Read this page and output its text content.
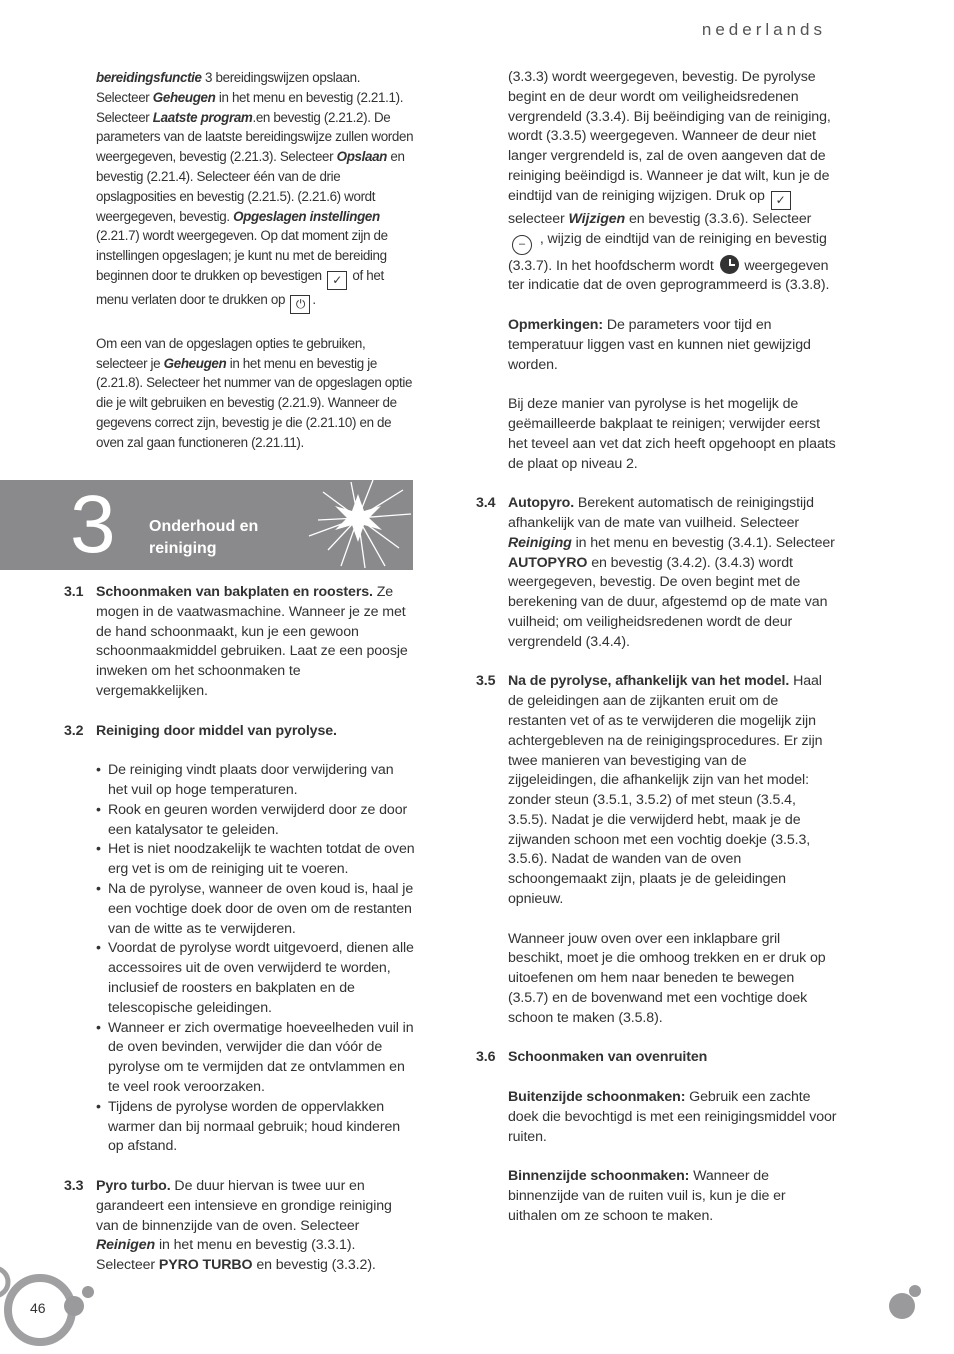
nederlands

bereidingsfunctie 3 bereidingswijzen opslaan. Selecteer Geheugen in het menu en bevestig (2.21.1). Selecteer Laatste program.en bevestig (2.21.2). De parameters van de laatste bereidingswijze zullen worden weergegeven, bevestig (2.21.3). Selecteer Opslaan en bevestig (2.21.4). Selecteer één van de drie opslagposities en bevestig (2.21.5). (2.21.6) wordt weergegeven, bevestig. Opgeslagen instellingen (2.21.7) wordt weergegeven. Op dat moment zijn de instellingen opgeslagen; je kunt nu met de bereiding beginnen door te drukken op bevestigen ✓ of het menu verlaten door te drukken op ⏻ .

Om een van de opgeslagen opties te gebruiken, selecteer je Geheugen in het menu en bevestig je (2.21.8). Selecteer het nummer van de opgeslagen optie die je wilt gebruiken en bevestig (2.21.9). Wanneer de gegevens correct zijn, bevestig je die (2.21.10) en de oven zal gaan functioneren (2.21.11).

3 Onderhoud en reiniging
3.1 Schoonmaken van bakplaten en roosters. Ze mogen in de vaatwasmachine. Wanneer je ze met de hand schoonmaakt, kun je een gewoon schoonmaakmiddel gebruiken. Laat ze een poosje inweken om het schoonmaken te vergemakkelijken.

3.2 Reiniging door middel van pyrolyse.

• De reiniging vindt plaats door verwijdering van het vuil op hoge temperaturen.
• Rook en geuren worden verwijderd door ze door een katalysator te geleiden.
• Het is niet noodzakelijk te wachten totdat de oven erg vet is om de reiniging uit te voeren.
• Na de pyrolyse, wanneer de oven koud is, haal je een vochtige doek door de oven om de restanten van de witte as te verwijderen.
• Voordat de pyrolyse wordt uitgevoerd, dienen alle accessoires uit de oven verwijderd te worden, inclusief de roosters en bakplaten en de telescopische geleidingen.
• Wanneer er zich overmatige hoeveelheden vuil in de oven bevinden, verwijder die dan vóór de pyrolyse om te vermijden dat ze ontvlammen en te veel rook veroorzaken.
• Tijdens de pyrolyse worden de oppervlakken warmer dan bij normaal gebruik; houd kinderen op afstand.
3.3 Pyro turbo. De duur hiervan is twee uur en garandeert een intensieve en grondige reiniging van de binnenzijde van de oven. Selecteer Reinigen in het menu en bevestig (3.3.1). Selecteer PYRO TURBO en bevestig (3.3.2).

(3.3.3) wordt weergegeven, bevestig. De pyrolyse begint en de deur wordt om veiligheidsredenen vergrendeld (3.3.4). Bij beëindiging van de reiniging, wordt (3.3.5) weergegeven. Wanneer de deur niet langer vergrendeld is, zal de oven aangeven dat de reiniging beëindigd is. Wanneer je dat wilt, kun je de eindtijd van de reiniging wijzigen. Druk op ✓ selecteer Wijzigen en bevestig (3.3.6). Selecteer – , wijzig de eindtijd van de reiniging en bevestig (3.3.7). In het hoofdscherm wordt  weergegeven ter indicatie dat de oven geprogrammeerd is (3.3.8).

Opmerkingen: De parameters voor tijd en temperatuur liggen vast en kunnen niet gewijzigd worden.

Bij deze manier van pyrolyse is het mogelijk de geëmailleerde bakplaat te reinigen; verwijder eerst het teveel aan vet dat zich heeft opgehoopt en plaats de plaat op niveau 2.

3.4 Autopyro. Berekent automatisch de reinigingstijd afhankelijk van de mate van vuilheid. Selecteer Reiniging in het menu en bevestig (3.4.1). Selecteer AUTOPYRO en bevestig (3.4.2). (3.4.3) wordt weergegeven, bevestig. De oven begint met de berekening van de duur, afgestemd op de mate van vuilheid; om veiligheidsredenen wordt de deur vergrendeld (3.4.4).

3.5 Na de pyrolyse, afhankelijk van het model. Haal de geleidingen aan de zijkanten eruit om de restanten vet of as te verwijderen die mogelijk zijn achtergebleven na de reinigingsprocedures. Er zijn twee manieren van bevestiging van de zijgeleidingen, die afhankelijk zijn van het model: zonder steun (3.5.1, 3.5.2) of met steun (3.5.4, 3.5.5). Nadat je die verwijderd hebt, maak je de zijwanden schoon met een vochtig doekje (3.5.3, 3.5.6). Nadat de wanden van de oven schoongemaakt zijn, plaats je de geleidingen opnieuw.

Wanneer jouw oven over een inklapbare gril beschikt, moet je die omhoog trekken en er druk op uitoefenen om hem naar beneden te bewegen (3.5.7) en de bovenwand met een vochtige doek schoon te maken (3.5.8).

3.6 Schoonmaken van ovenruiten

Buitenzijde schoonmaken: Gebruik een zachte doek die bevochtigd is met een reinigingsmiddel voor ruiten.

Binnenzijde schoonmaken: Wanneer de binnenzijde van de ruiten vuil is, kun je die er uithalen om ze schoon te maken.

46
